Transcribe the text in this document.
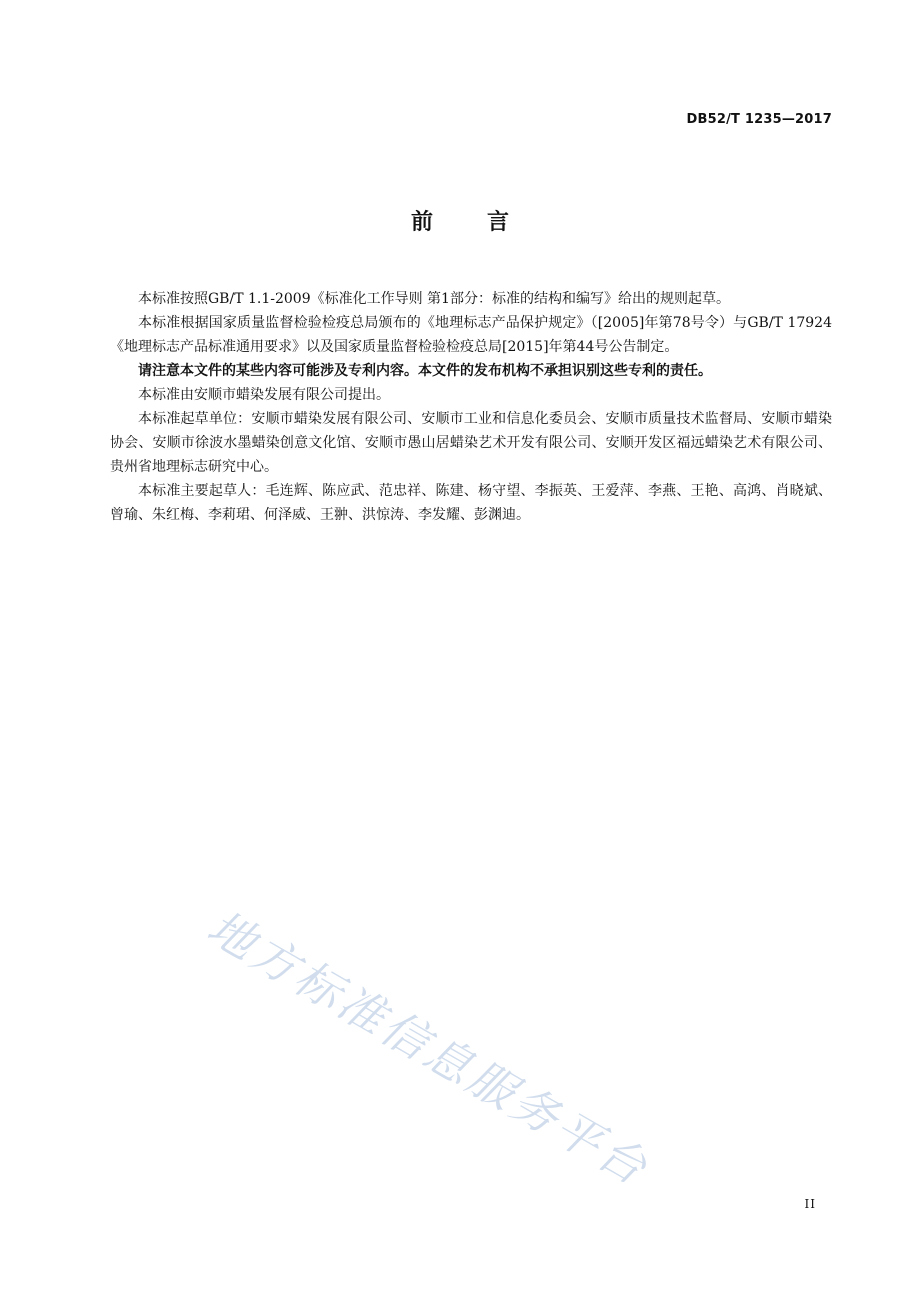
DB52/T 1235—2017
前言

本标准按照GB/T 1.1-2009《标准化工作导则 第1部分：标准的结构和编写》给出的规则起草。

本标准根据国家质量监督检验检疫总局颁布的《地理标志产品保护规定》（[2005]年第78号令）与GB/T 17924《地理标志产品标准通用要求》以及国家质量监督检验检疫总局[2015]年第44号公告制定。

请注意本文件的某些内容可能涉及专利内容。本文件的发布机构不承担识别这些专利的责任。

本标准由安顺市蜡染发展有限公司提出。

本标准起草单位：安顺市蜡染发展有限公司、安顺市工业和信息化委员会、安顺市质量技术监督局、安顺市蜡染协会、安顺市徐波水墨蜡染创意文化馆、安顺市愚山居蜡染艺术开发有限公司、安顺开发区福远蜡染艺术有限公司、贵州省地理标志研究中心。

本标准主要起草人：毛连辉、陈应武、范忠祥、陈建、杨守望、李振英、王爱萍、李燕、王艳、高鸿、肖晓斌、曾瑜、朱红梅、李莉珺、何泽威、王翀、洪惊涛、李发耀、彭渊迪。

地方标准信息服务平台
II
